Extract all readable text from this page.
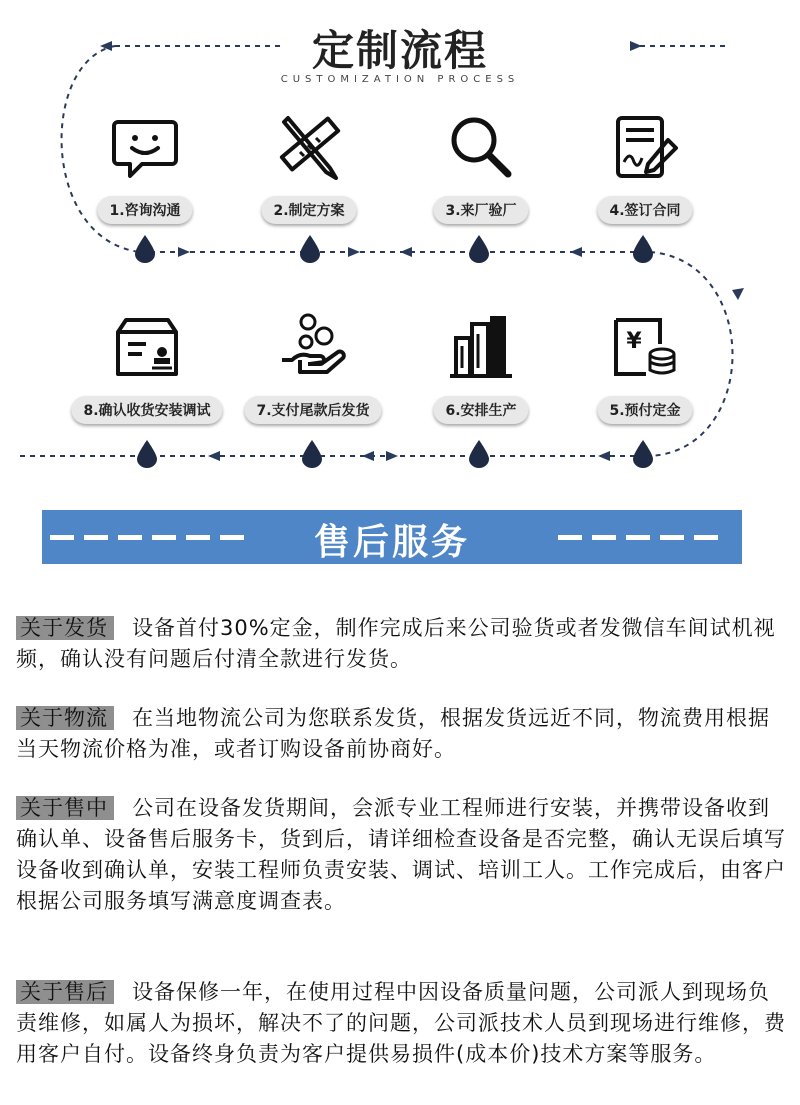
定制流程
CUSTOMIZATION PROCESS
1.咨询沟通	2.制定方案	3.来厂验厂	4.签订合同
¥
5.预付定金
6.安排生产
7.支付尾款后发货
8.确认收货安装调试
售后服务
关于发货 设备首付30%定金，制作完成后来公司验货或者发微信车间试机视频，确认没有问题后付清全款进行发货。
关于物流 在当地物流公司为您联系发货，根据发货远近不同，物流费用根据当天物流价格为准，或者订购设备前协商好。
关于售中 公司在设备发货期间，会派专业工程师进行安装，并携带设备收到确认单、设备售后服务卡，货到后，请详细检查设备是否完整，确认无误后填写设备收到确认单，安装工程师负责安装、调试、培训工人。工作完成后，由客户根据公司服务填写满意度调查表。
关于售后 设备保修一年，在使用过程中因设备质量问题，公司派人到现场负责维修，如属人为损坏，解决不了的问题，公司派技术人员到现场进行维修，费用客户自付。设备终身负责为客户提供易损件(成本价)技术方案等服务。
